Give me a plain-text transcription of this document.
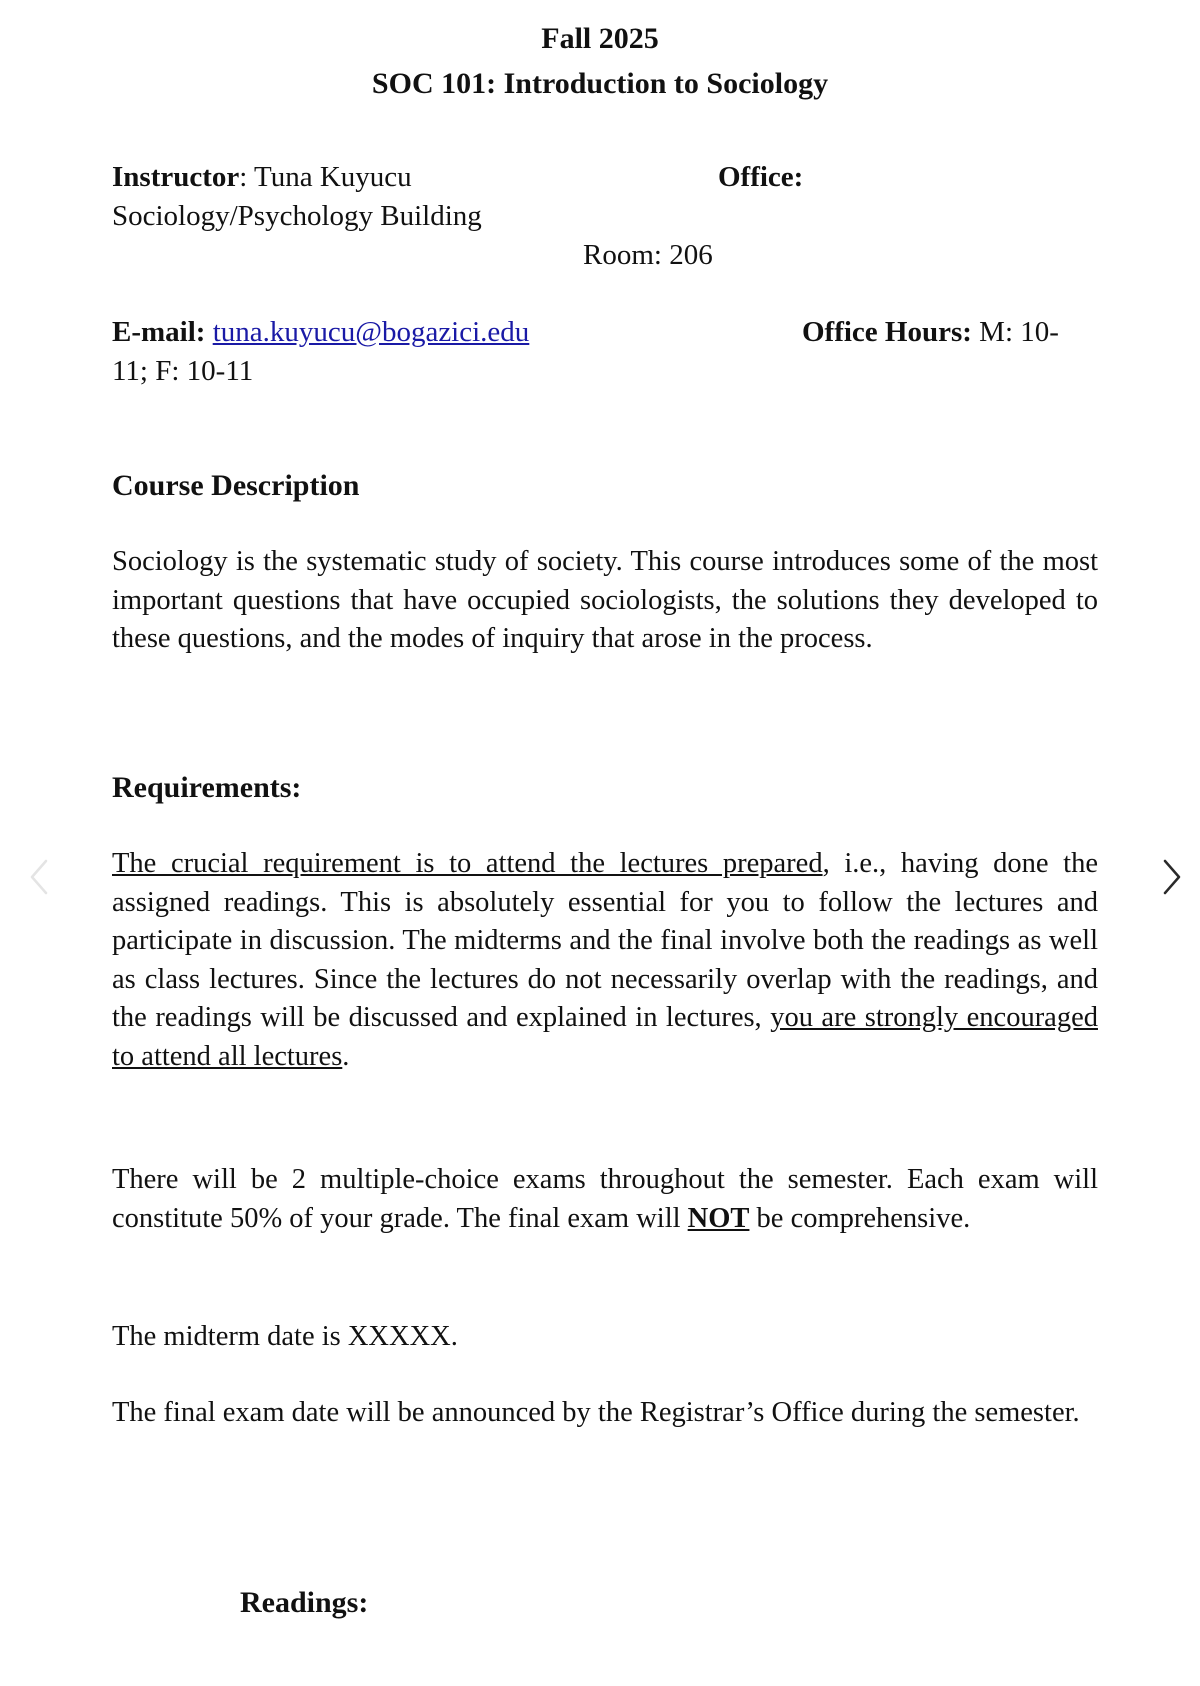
Fall 2025

SOC 101: Introduction to Sociology

Instructor: Tuna Kuyucu	Office:

Sociology/Psychology Building

Room: 206

E-mail: tuna.kuyucu@bogazici.edu	Office Hours: M: 10-

11; F: 10-11

Course Description

Sociology is the systematic study of society. This course introduces some of the most important questions that have occupied sociologists, the solutions they developed to these questions, and the modes of inquiry that arose in the process.

Requirements:

The crucial requirement is to attend the lectures prepared, i.e., having done the assigned readings. This is absolutely essential for you to follow the lectures and participate in discussion. The midterms and the final involve both the readings as well as class lectures. Since the lectures do not necessarily overlap with the readings, and the readings will be discussed and explained in lectures, you are strongly encouraged to attend all lectures.

There will be 2 multiple-choice exams throughout the semester. Each exam will constitute 50% of your grade. The final exam will NOT be comprehensive.

The midterm date is XXXXX.

The final exam date will be announced by the Registrar’s Office during the semester.

Readings:
